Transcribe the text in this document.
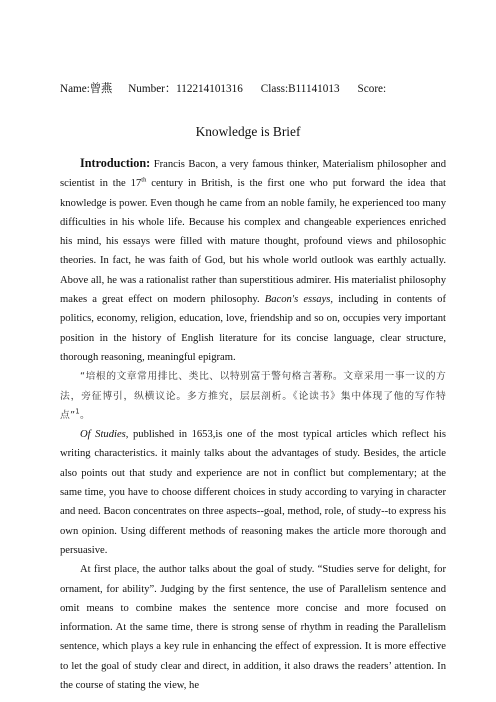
Name:曾燕 Number：112214101316 Class:B11141013 Score:
Knowledge is Brief

Introduction: Francis Bacon, a very famous thinker, Materialism philosopher and scientist in the 17th century in British, is the first one who put forward the idea that knowledge is power. Even though he came from an noble family, he experienced too many difficulties in his whole life. Because his complex and changeable experiences enriched his mind, his essays were filled with mature thought, profound views and philosophic theories. In fact, he was faith of God, but his whole world outlook was earthly actually. Above all, he was a rationalist rather than superstitious admirer. His materialist philosophy makes a great effect on modern philosophy. Bacon's essays, including in contents of politics, economy, religion, education, love, friendship and so on, occupies very important position in the history of English literature for its concise language, clear structure, thorough reasoning, meaningful epigram.

“培根的文章常用排比、类比、以特别富于警句格言著称。文章采用一事一议的方法，旁征博引，纵横议论。多方推究，层层剖析。《论读书》集中体现了他的写作特点”$^1$。

Of Studies, published in 1653,is one of the most typical articles which reflect his writing characteristics. it mainly talks about the advantages of study. Besides, the article also points out that study and experience are not in conflict but complementary; at the same time, you have to choose different choices in study according to varying in character and need. Bacon concentrates on three aspects--goal, method, role, of study--to express his own opinion. Using different methods of reasoning makes the article more thorough and persuasive.

At first place, the author talks about the goal of study. “Studies serve for delight, for ornament, for ability”. Judging by the first sentence, the use of Parallelism sentence and omit means to combine makes the sentence more concise and more focused on information. At the same time, there is strong sense of rhythm in reading the Parallelism sentence, which plays a key rule in enhancing the effect of expression. It is more effective to let the goal of study clear and direct, in addition, it also draws the readers’ attention. In the course of stating the view, he
